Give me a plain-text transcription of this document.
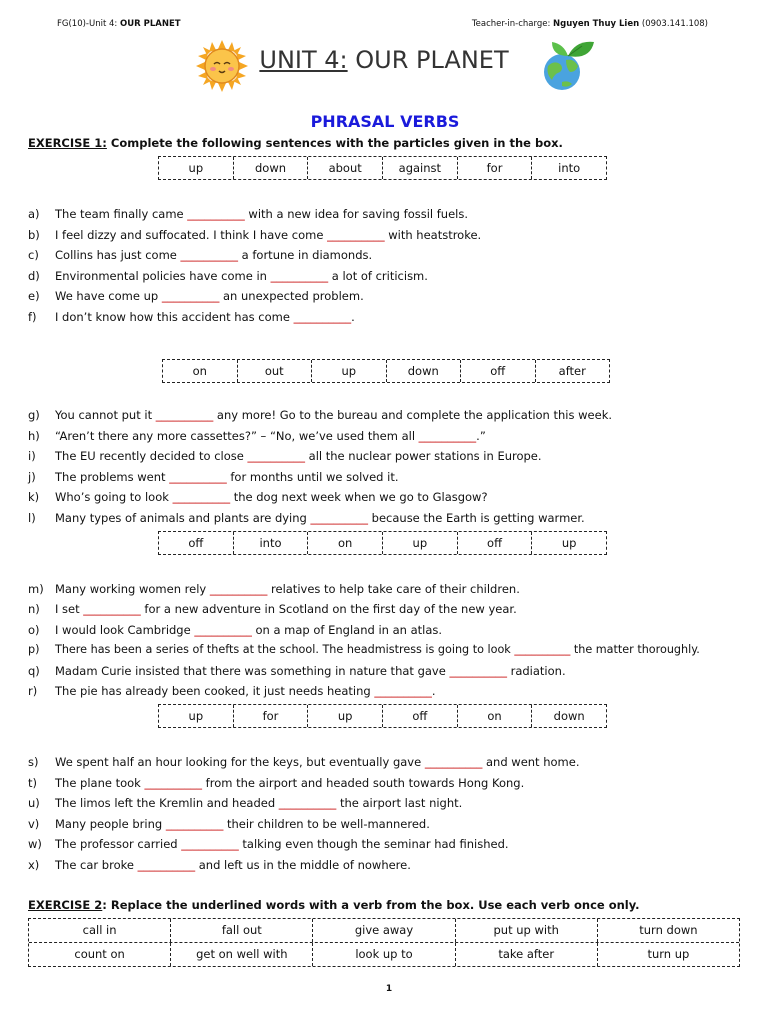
FG(10)-Unit 4: OUR PLANET	Teacher-in-charge: Nguyen Thuy Lien (0903.141.108)
UNIT 4: OUR PLANET
PHRASAL VERBS
EXERCISE 1: Complete the following sentences with the particles given in the box.
up	down	about	against	for	into
a) The team finally came __________ with a new idea for saving fossil fuels.
b) I feel dizzy and suffocated. I think I have come __________ with heatstroke.
c) Collins has just come __________ a fortune in diamonds.
d) Environmental policies have come in __________ a lot of criticism.
e) We have come up __________ an unexpected problem.
f) I don’t know how this accident has come __________.
on	out	up	down	off	after
g) You cannot put it __________ any more! Go to the bureau and complete the application this week.
h) “Aren’t there any more cassettes?” – “No, we’ve used them all __________.”
i) The EU recently decided to close __________ all the nuclear power stations in Europe.
j) The problems went __________ for months until we solved it.
k) Who’s going to look __________ the dog next week when we go to Glasgow?
l) Many types of animals and plants are dying __________ because the Earth is getting warmer.
off	into	on	up	off	up
m) Many working women rely __________ relatives to help take care of their children.
n) I set __________ for a new adventure in Scotland on the first day of the new year.
o) I would look Cambridge __________ on a map of England in an atlas.
p) There has been a series of thefts at the school. The headmistress is going to look __________ the matter thoroughly.
q) Madam Curie insisted that there was something in nature that gave __________ radiation.
r) The pie has already been cooked, it just needs heating __________.
up	for	up	off	on	down
s) We spent half an hour looking for the keys, but eventually gave __________ and went home.
t) The plane took __________ from the airport and headed south towards Hong Kong.
u) The limos left the Kremlin and headed __________ the airport last night.
v) Many people bring __________ their children to be well-mannered.
w) The professor carried __________ talking even though the seminar had finished.
x) The car broke __________ and left us in the middle of nowhere.
EXERCISE 2: Replace the underlined words with a verb from the box. Use each verb once only.
call in	fall out	give away	put up with	turn down
count on	get on well with	look up to	take after	turn up
1
